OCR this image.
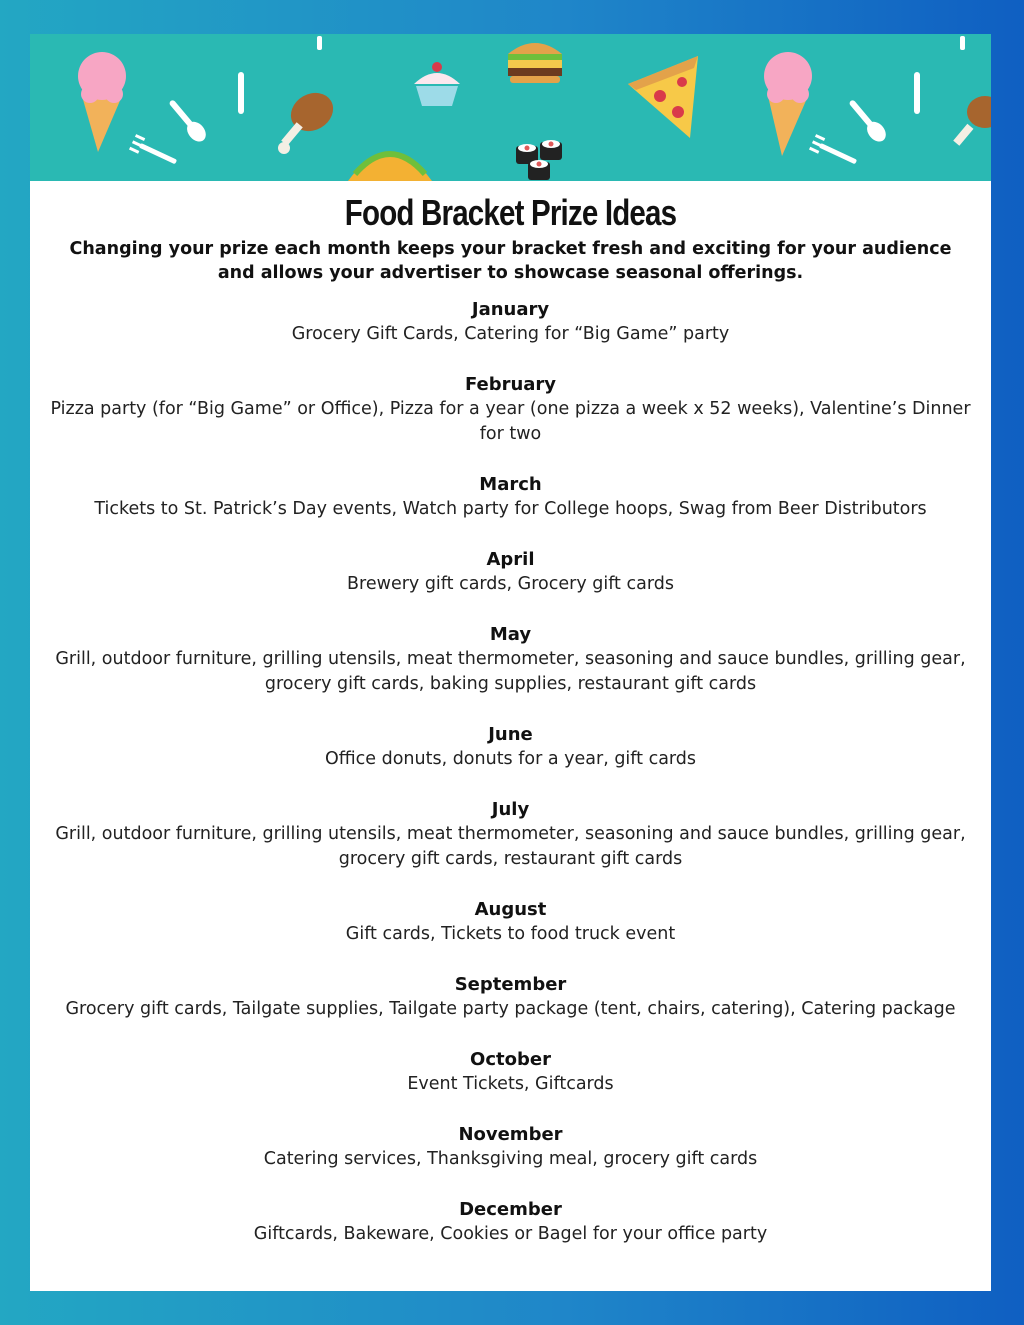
Food Bracket Prize Ideas
Changing your prize each month keeps your bracket fresh and exciting for your audience and allows your advertiser to showcase seasonal offerings.
January
Grocery Gift Cards, Catering for “Big Game” party
February
Pizza party (for “Big Game” or Office), Pizza for a year (one pizza a week x 52 weeks), Valentine’s Dinner for two
March
Tickets to St. Patrick’s Day events, Watch party for College hoops, Swag from Beer Distributors
April
Brewery gift cards, Grocery gift cards
May
Grill, outdoor furniture, grilling utensils, meat thermometer, seasoning and sauce bundles, grilling gear, grocery gift cards, baking supplies, restaurant gift cards
June
Office donuts, donuts for a year, gift cards
July
Grill, outdoor furniture, grilling utensils, meat thermometer, seasoning and sauce bundles, grilling gear, grocery gift cards, restaurant gift cards
August
Gift cards, Tickets to food truck event
September
Grocery gift cards, Tailgate supplies, Tailgate party package (tent, chairs, catering), Catering package
October
Event Tickets, Giftcards
November
Catering services, Thanksgiving meal, grocery gift cards
December
Giftcards, Bakeware, Cookies or Bagel for your office party
